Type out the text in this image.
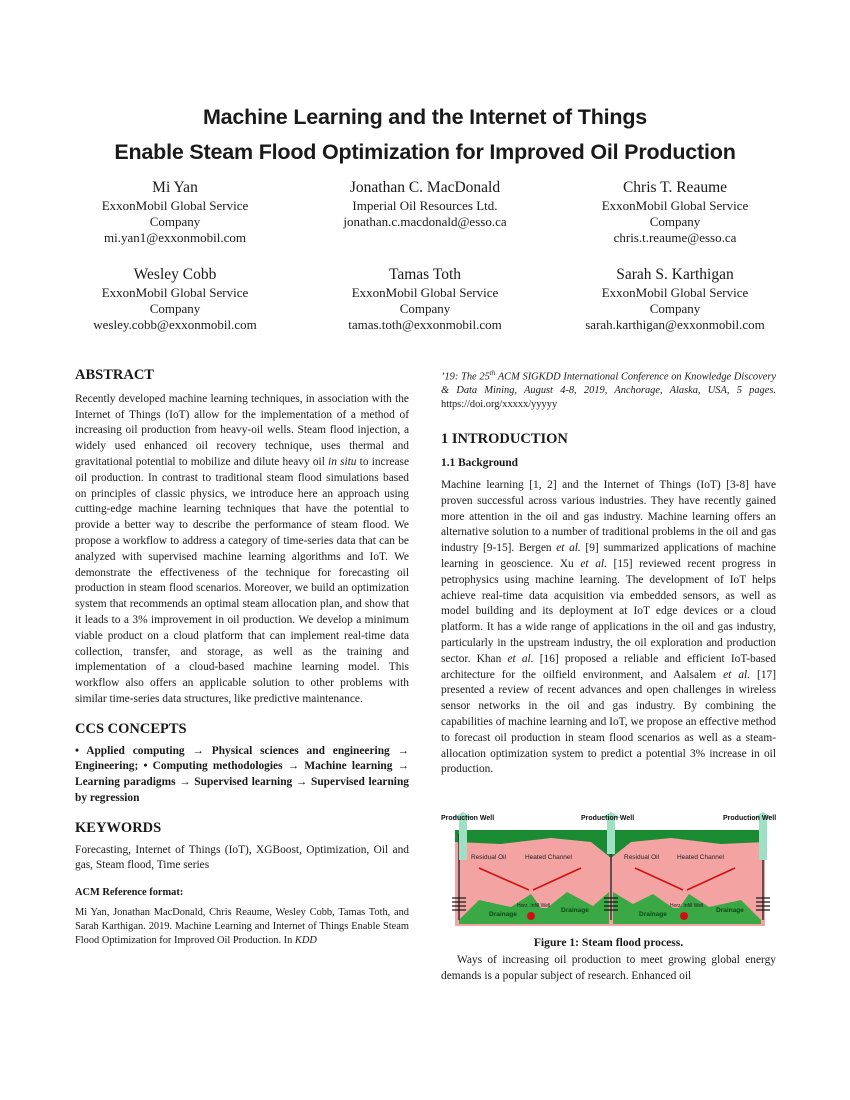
Machine Learning and the Internet of Things
Enable Steam Flood Optimization for Improved Oil Production
Mi Yan
ExxonMobil Global Service
Company
mi.yan1@exxonmobil.com
Jonathan C. MacDonald
Imperial Oil Resources Ltd.
jonathan.c.macdonald@esso.ca
Chris T. Reaume
ExxonMobil Global Service
Company
chris.t.reaume@esso.ca
Wesley Cobb
ExxonMobil Global Service
Company
wesley.cobb@exxonmobil.com
Tamas Toth
ExxonMobil Global Service
Company
tamas.toth@exxonmobil.com
Sarah S. Karthigan
ExxonMobil Global Service
Company
sarah.karthigan@exxonmobil.com

ABSTRACT

Recently developed machine learning techniques, in association with the Internet of Things (IoT) allow for the implementation of a method of increasing oil production from heavy-oil wells. Steam flood injection, a widely used enhanced oil recovery technique, uses thermal and gravitational potential to mobilize and dilute heavy oil in situ to increase oil production. In contrast to traditional steam flood simulations based on principles of classic physics, we introduce here an approach using cutting-edge machine learning techniques that have the potential to provide a better way to describe the performance of steam flood. We propose a workflow to address a category of time-series data that can be analyzed with supervised machine learning algorithms and IoT. We demonstrate the effectiveness of the technique for forecasting oil production in steam flood scenarios. Moreover, we build an optimization system that recommends an optimal steam allocation plan, and show that it leads to a 3% improvement in oil production. We develop a minimum viable product on a cloud platform that can implement real-time data collection, transfer, and storage, as well as the training and implementation of a cloud-based machine learning model. This workflow also offers an applicable solution to other problems with similar time-series data structures, like predictive maintenance.

CCS CONCEPTS

• Applied computing → Physical sciences and engineering → Engineering; • Computing methodologies → Machine learning → Learning paradigms → Supervised learning → Supervised learning by regression

KEYWORDS

Forecasting, Internet of Things (IoT), XGBoost, Optimization, Oil and gas, Steam flood, Time series

ACM Reference format:

Mi Yan, Jonathan MacDonald, Chris Reaume, Wesley Cobb, Tamas Toth, and Sarah Karthigan. 2019. Machine Learning and Internet of Things Enable Steam Flood Optimization for Improved Oil Production. In KDD

’19: The 25th ACM SIGKDD International Conference on Knowledge Discovery & Data Mining, August 4-8, 2019, Anchorage, Alaska, USA, 5 pages. https://doi.org/xxxxx/yyyyy

1 INTRODUCTION

1.1 Background

Machine learning [1, 2] and the Internet of Things (IoT) [3-8] have proven successful across various industries. They have recently gained more attention in the oil and gas industry. Machine learning offers an alternative solution to a number of traditional problems in the oil and gas industry [9-15]. Bergen et al. [9] summarized applications of machine learning in geoscience. Xu et al. [15] reviewed recent progress in petrophysics using machine learning. The development of IoT helps achieve real-time data acquisition via embedded sensors, as well as model building and its deployment at IoT edge devices or a cloud platform. It has a wide range of applications in the oil and gas industry, particularly in the upstream industry, the oil exploration and production sector. Khan et al. [16] proposed a reliable and efficient IoT-based architecture for the oilfield environment, and Aalsalem et al. [17] presented a review of recent advances and open challenges in wireless sensor networks in the oil and gas industry. By combining the capabilities of machine learning and IoT, we propose an effective method to forecast oil production in steam flood scenarios as well as a steam-allocation optimization system to predict a potential 3% increase in oil production.

Production Well	Production Well	Production Well
Residual Oil	Heated Channel	Residual Oil	Heated Channel
Drainage
Drainage
Drainage
Drainage
Horz. Infill Well	Horz. Infill Well
Figure 1: Steam flood process.
Ways of increasing oil production to meet growing global energy demands is a popular subject of research. Enhanced oil
